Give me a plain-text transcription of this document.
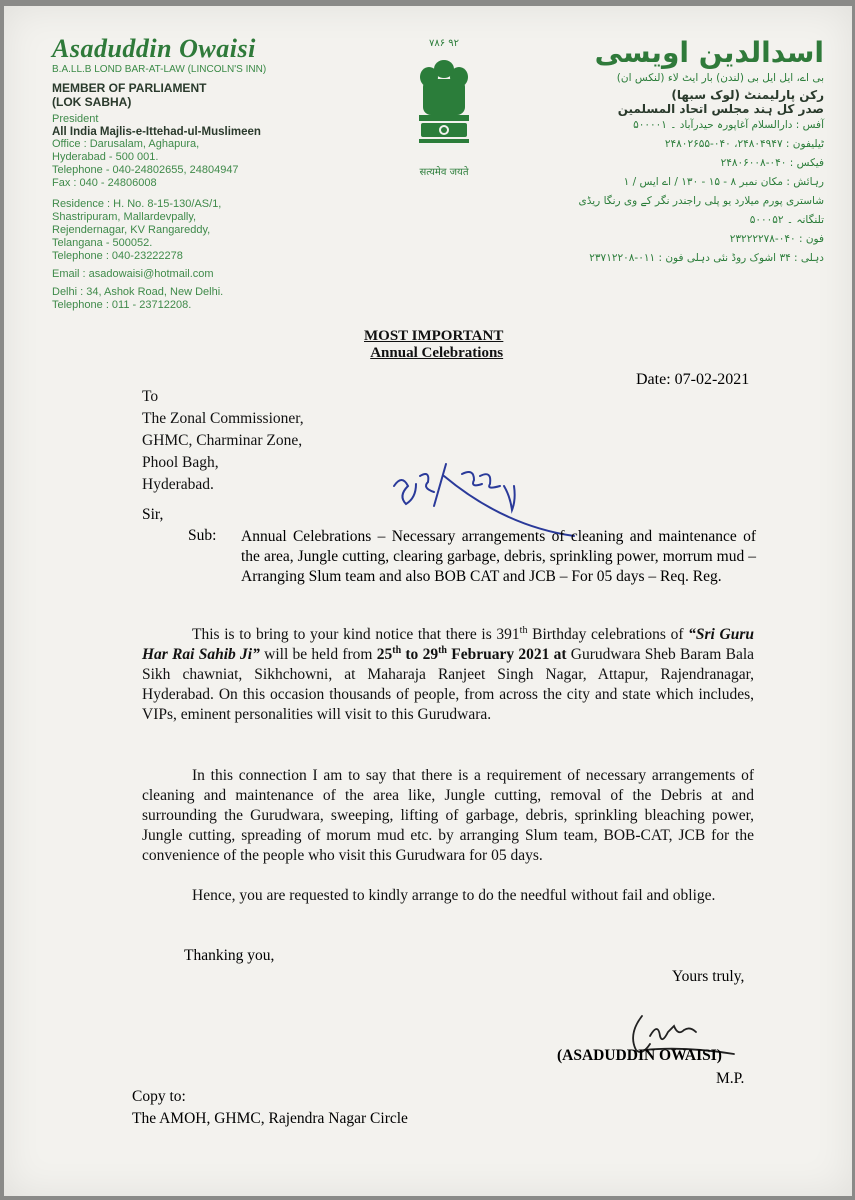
Asaduddin Owaisi
B.A.LL.B LOND BAR-AT-LAW (LINCOLN'S INN)
MEMBER OF PARLIAMENT
(LOK SABHA)
President
All India Majlis-e-Ittehad-ul-Muslimeen
Office : Darusalam, Aghapura,
Hyderabad - 500 001.
Telephone - 040-24802655, 24804947
Fax : 040 - 24806008
Residence : H. No. 8-15-130/AS/1,
Shastripuram, Mallardevpally,
Rejendernagar, KV Rangareddy,
Telangana - 500052.
Telephone : 040-23222278
Email : asadowaisi@hotmail.com
Delhi : 34, Ashok Road, New Delhi.
Telephone : 011 - 23712208.
۷۸۶ ۹۲
सत्यमेव जयते
اسدالدین اویسی
بی اے، ایل ایل بی (لندن) بار ایٹ لاء (لنکس ان)
رکن پارلیمنٹ (لوک سبھا)
صدر کل ہند مجلس اتحاد المسلمین
آفس : دارالسلام آغاپورہ حیدرآباد ۔ ۵۰۰۰۰۱
ٹیلیفون : ۲۴۸۰۴۹۴۷، ۰۴۰-۲۴۸۰۲۶۵۵
فیکس : ۰۴۰-۲۴۸۰۶۰۰۸
رہائش : مکان نمبر ۸ - ۱۵ - ۱۳۰ / اے ایس / ۱
شاستری پورم میلارد یو پلی راجندر نگر کے وی رنگا ریڈی
تلنگانہ ۔ ۵۰۰۰۵۲
فون : ۰۴۰-۲۳۲۲۲۲۷۸
دہلی : ۳۴ اشوک روڈ نئی دہلی فون : ۰۱۱-۲۳۷۱۲۲۰۸
MOST IMPORTANT
Annual Celebrations
Date: 07-02-2021
To
The Zonal Commissioner,
GHMC, Charminar Zone,
Phool Bagh,
Hyderabad.
Sir,
Sub: Annual Celebrations – Necessary arrangements of cleaning and maintenance of the area, Jungle cutting, clearing garbage, debris, sprinkling power, morrum mud – Arranging Slum team and also BOB CAT and JCB – For 05 days – Req. Reg.
This is to bring to your kind notice that there is 391th Birthday celebrations of “Sri Guru Har Rai Sahib Ji” will be held from 25th to 29th February 2021 at Gurudwara Sheb Baram Bala Sikh chawniat, Sikhchowni, at Maharaja Ranjeet Singh Nagar, Attapur, Rajendranagar, Hyderabad. On this occasion thousands of people, from across the city and state which includes, VIPs, eminent personalities will visit to this Gurudwara.
In this connection I am to say that there is a requirement of necessary arrangements of cleaning and maintenance of the area like, Jungle cutting, removal of the Debris at and surrounding the Gurudwara, sweeping, lifting of garbage, debris, sprinkling bleaching power, Jungle cutting, spreading of morum mud etc. by arranging Slum team, BOB-CAT, JCB for the convenience of the people who visit this Gurudwara for 05 days.
Hence, you are requested to kindly arrange to do the needful without fail and oblige.
Thanking you,
Yours truly,
(ASADUDDIN OWAISI)
M.P.
Copy to:
The AMOH, GHMC, Rajendra Nagar Circle
